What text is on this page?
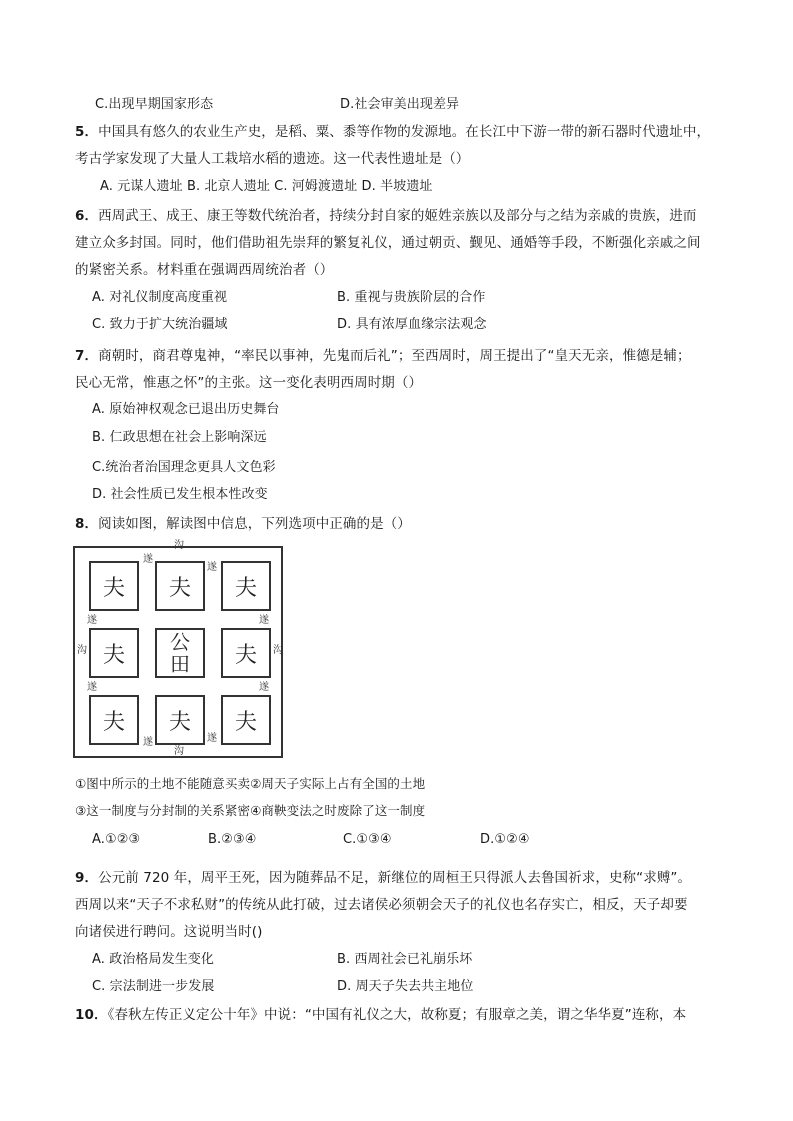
C.出现早期国家形态	D.社会审美出现差异
5．中国具有悠久的农业生产史，是稻、粟、黍等作物的发源地。在长江中下游一带的新石器时代遗址中，
考古学家发现了大量人工栽培水稻的遗迹。这一代表性遗址是（）
A. 元谋人遗址 B. 北京人遗址 C. 河姆渡遗址 D. 半坡遗址
6．西周武王、成王、康王等数代统治者，持续分封自家的姬姓亲族以及部分与之结为亲戚的贵族，进而
建立众多封国。同时，他们借助祖先崇拜的繁复礼仪，通过朝贡、觐见、通婚等手段，不断强化亲戚之间
的紧密关系。材料重在强调西周统治者（）
A. 对礼仪制度高度重视	B. 重视与贵族阶层的合作
C. 致力于扩大统治疆域	D. 具有浓厚血缘宗法观念
7．商朝时，商君尊鬼神，“率民以事神，先鬼而后礼”；至西周时，周王提出了“皇天无亲，惟德是辅；
民心无常，惟惠之怀”的主张。这一变化表明西周时期（）
A. 原始神权观念已退出历史舞台
B. 仁政思想在社会上影响深远
C.统治者治国理念更具人文色彩
D. 社会性质已发生根本性改变
8．阅读如图，解读图中信息，下列选项中正确的是（）
沟
沟
沟	沟
遂
遂
遂	遂
遂	遂
遂	遂
夫	夫	夫
夫
公
田	夫
夫	夫	夫
①图中所示的土地不能随意买卖②周天子实际上占有全国的土地
③这一制度与分封制的关系紧密④商鞅变法之时废除了这一制度
A.①②③	B.②③④	C.①③④	D.①②④
9．公元前 720 年，周平王死，因为随葬品不足，新继位的周桓王只得派人去鲁国祈求，史称“求赙”。
西周以来“天子不求私财”的传统从此打破，过去诸侯必须朝会天子的礼仪也名存实亡，相反，天子却要
向诸侯进行聘问。这说明当时()
A. 政治格局发生变化	B. 西周社会已礼崩乐坏
C. 宗法制进一步发展	D. 周天子失去共主地位
10．《春秋左传正义定公十年》中说：“中国有礼仪之大，故称夏；有服章之美，谓之华华夏”连称，本
